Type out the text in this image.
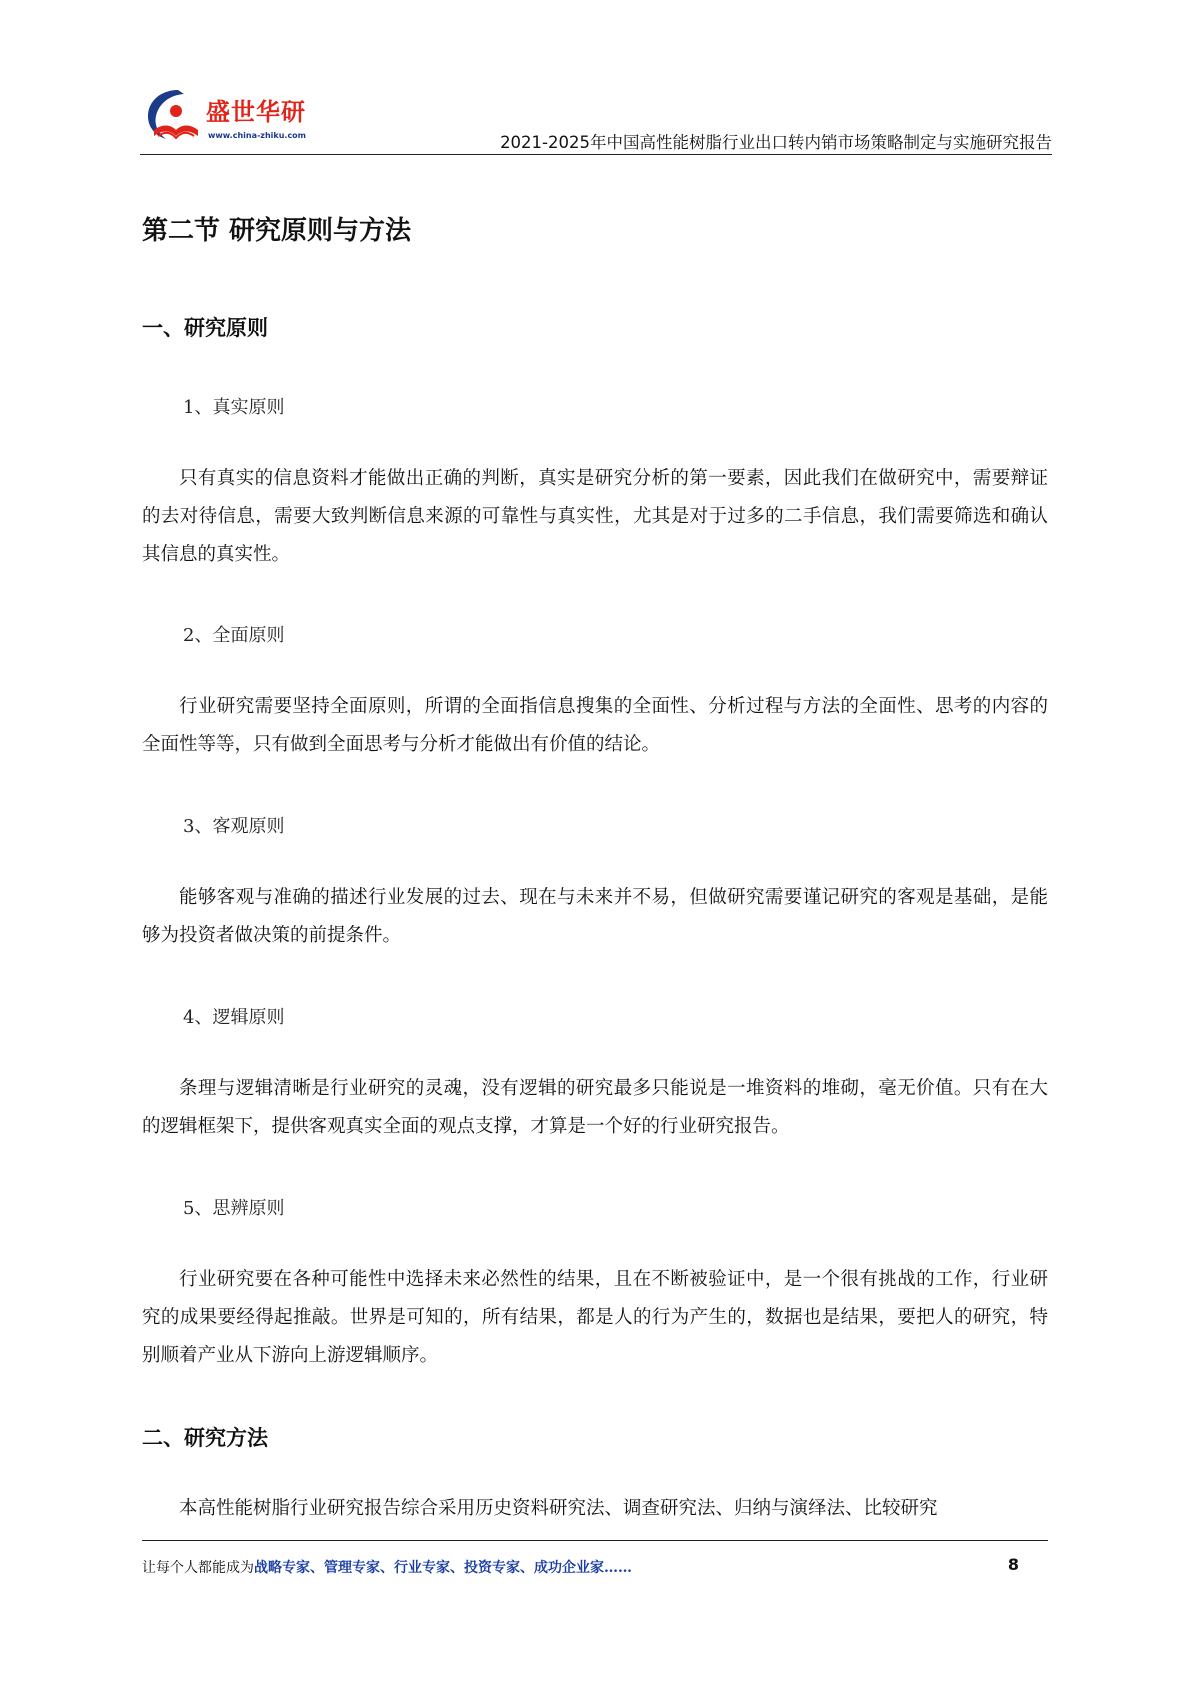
盛世华研
www.china-zhiku.com	2021-2025年中国高性能树脂行业出口转内销市场策略制定与实施研究报告
第二节 研究原则与方法
一、研究原则
1、真实原则
只有真实的信息资料才能做出正确的判断，真实是研究分析的第一要素，因此我们在做研究中，需要辩证的去对待信息，需要大致判断信息来源的可靠性与真实性，尤其是对于过多的二手信息，我们需要筛选和确认其信息的真实性。
2、全面原则
行业研究需要坚持全面原则，所谓的全面指信息搜集的全面性、分析过程与方法的全面性、思考的内容的全面性等等，只有做到全面思考与分析才能做出有价值的结论。
3、客观原则
能够客观与准确的描述行业发展的过去、现在与未来并不易，但做研究需要谨记研究的客观是基础，是能够为投资者做决策的前提条件。
4、逻辑原则
条理与逻辑清晰是行业研究的灵魂，没有逻辑的研究最多只能说是一堆资料的堆砌，毫无价值。只有在大的逻辑框架下，提供客观真实全面的观点支撑，才算是一个好的行业研究报告。
5、思辨原则
行业研究要在各种可能性中选择未来必然性的结果，且在不断被验证中，是一个很有挑战的工作，行业研究的成果要经得起推敲。世界是可知的，所有结果，都是人的行为产生的，数据也是结果，要把人的研究，特别顺着产业从下游向上游逻辑顺序。
二、研究方法
本高性能树脂行业研究报告综合采用历史资料研究法、调查研究法、归纳与演绎法、比较研究
让每个人都能成为战略专家、管理专家、行业专家、投资专家、成功企业家……	8
